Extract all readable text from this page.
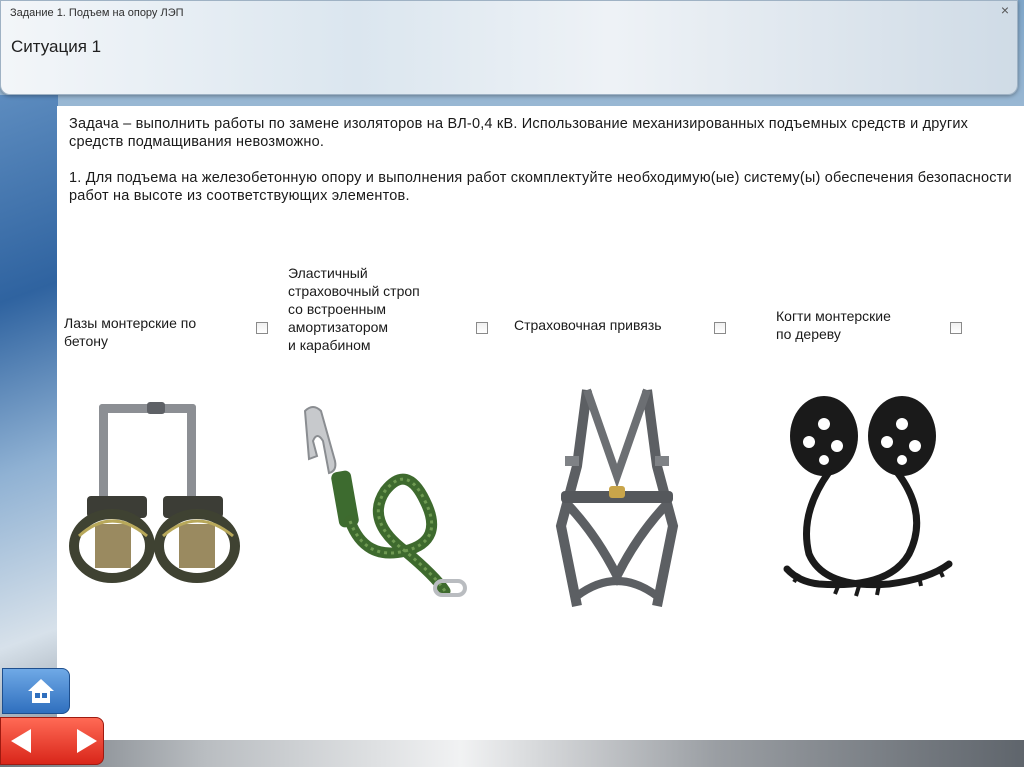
Задание 1. Подъем на опору ЛЭП	×
Ситуация 1

Задача – выполнить работы по замене изоляторов на ВЛ-0,4 кВ. Использование механизированных подъемных средств и других средств подмащивания невозможно.

1. Для подъема на железобетонную опору и выполнения работ скомплектуйте необходимую(ые) систему(ы) обеспечения безопасности работ на высоте из соответствующих элементов.

Лазы монтерские по
бетону
Эластичный
страховочный строп
со встроенным
амортизатором
и карабином
Страховочная привязь
Когти монтерские
по дереву
